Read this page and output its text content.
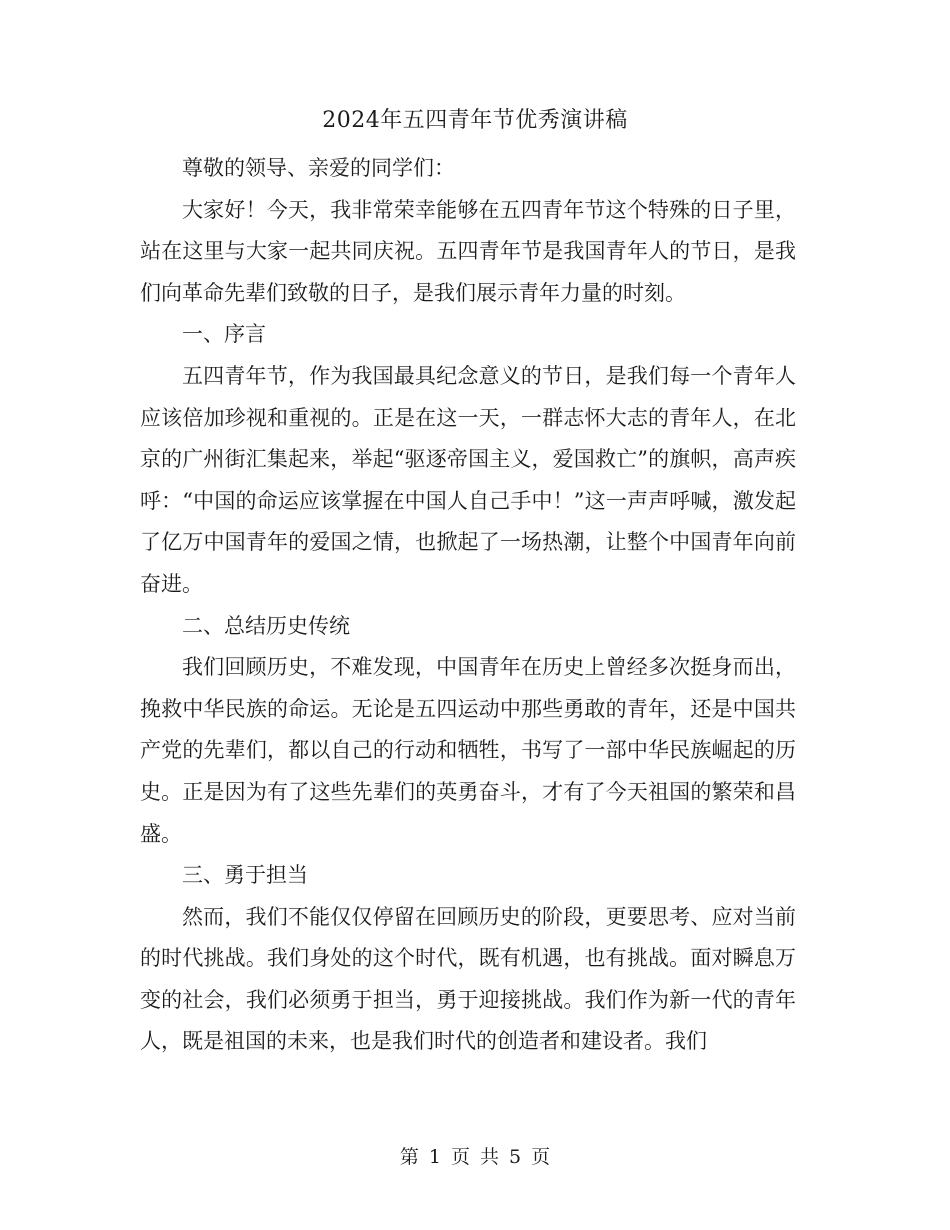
2024年五四青年节优秀演讲稿

尊敬的领导、亲爱的同学们：

大家好！今天，我非常荣幸能够在五四青年节这个特殊的日子里，站在这里与大家一起共同庆祝。五四青年节是我国青年人的节日，是我们向革命先辈们致敬的日子，是我们展示青年力量的时刻。

一、序言

五四青年节，作为我国最具纪念意义的节日，是我们每一个青年人应该倍加珍视和重视的。正是在这一天，一群志怀大志的青年人，在北京的广州街汇集起来，举起“驱逐帝国主义，爱国救亡”的旗帜，高声疾呼：“中国的命运应该掌握在中国人自己手中！”这一声声呼喊，激发起了亿万中国青年的爱国之情，也掀起了一场热潮，让整个中国青年向前奋进。

二、总结历史传统

我们回顾历史，不难发现，中国青年在历史上曾经多次挺身而出，挽救中华民族的命运。无论是五四运动中那些勇敢的青年，还是中国共产党的先辈们，都以自己的行动和牺牲，书写了一部中华民族崛起的历史。正是因为有了这些先辈们的英勇奋斗，才有了今天祖国的繁荣和昌盛。

三、勇于担当

然而，我们不能仅仅停留在回顾历史的阶段，更要思考、应对当前的时代挑战。我们身处的这个时代，既有机遇，也有挑战。面对瞬息万变的社会，我们必须勇于担当，勇于迎接挑战。我们作为新一代的青年人，既是祖国的未来，也是我们时代的创造者和建设者。我们

第 1 页 共 5 页
